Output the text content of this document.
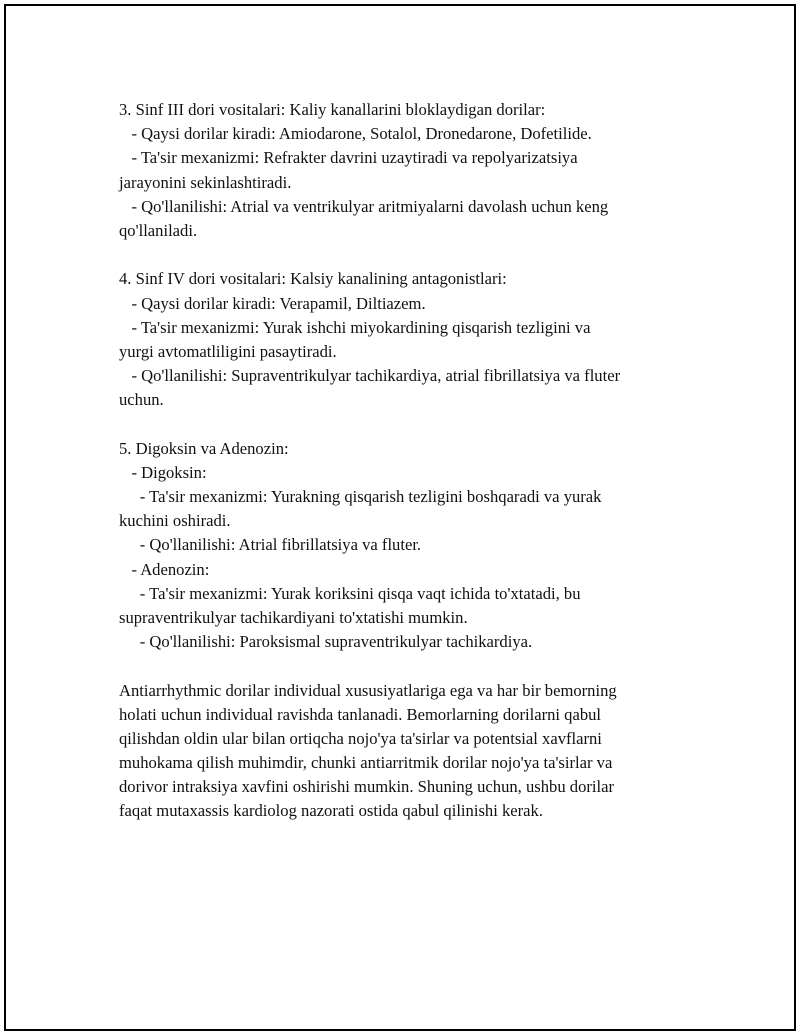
3. Sinf III dori vositalari: Kaliy kanallarini bloklaydigan dorilar:
- Qaysi dorilar kiradi: Amiodarone, Sotalol, Dronedarone, Dofetilide.
- Ta'sir mexanizmi: Refrakter davrini uzaytiradi va repolyarizatsiya
jarayonini sekinlashtiradi.
- Qo'llanilishi: Atrial va ventrikulyar aritmiyalarni davolash uchun keng
qo'llaniladi.
4. Sinf IV dori vositalari: Kalsiy kanalining antagonistlari:
- Qaysi dorilar kiradi: Verapamil, Diltiazem.
- Ta'sir mexanizmi: Yurak ishchi miyokardining qisqarish tezligini va
yurgi avtomatliligini pasaytiradi.
- Qo'llanilishi: Supraventrikulyar tachikardiya, atrial fibrillatsiya va fluter
uchun.
5. Digoksin va Adenozin:
- Digoksin:
- Ta'sir mexanizmi: Yurakning qisqarish tezligini boshqaradi va yurak
kuchini oshiradi.
- Qo'llanilishi: Atrial fibrillatsiya va fluter.
- Adenozin:
- Ta'sir mexanizmi: Yurak koriksini qisqa vaqt ichida to'xtatadi, bu
supraventrikulyar tachikardiyani to'xtatishi mumkin.
- Qo'llanilishi: Paroksismal supraventrikulyar tachikardiya.
Antiarrhythmic dorilar individual xususiyatlariga ega va har bir bemorning
holati uchun individual ravishda tanlanadi. Bemorlarning dorilarni qabul
qilishdan oldin ular bilan ortiqcha nojo'ya ta'sirlar va potentsial xavflarni
muhokama qilish muhimdir, chunki antiarritmik dorilar nojo'ya ta'sirlar va
dorivor intraksiya xavfini oshirishi mumkin. Shuning uchun, ushbu dorilar
faqat mutaxassis kardiolog nazorati ostida qabul qilinishi kerak.
